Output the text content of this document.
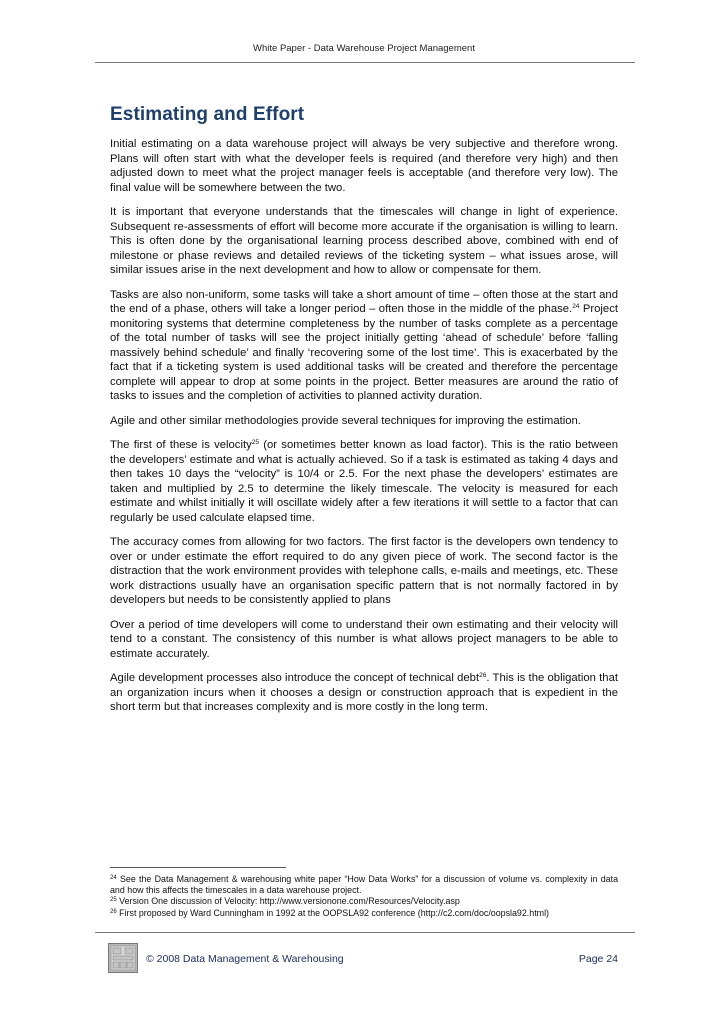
White Paper - Data Warehouse Project Management
Estimating and Effort

Initial estimating on a data warehouse project will always be very subjective and therefore wrong. Plans will often start with what the developer feels is required (and therefore very high) and then adjusted down to meet what the project manager feels is acceptable (and therefore very low). The final value will be somewhere between the two.

It is important that everyone understands that the timescales will change in light of experience. Subsequent re-assessments of effort will become more accurate if the organisation is willing to learn. This is often done by the organisational learning process described above, combined with end of milestone or phase reviews and detailed reviews of the ticketing system – what issues arose, will similar issues arise in the next development and how to allow or compensate for them.

Tasks are also non-uniform, some tasks will take a short amount of time – often those at the start and the end of a phase, others will take a longer period – often those in the middle of the phase.$^{24}$ Project monitoring systems that determine completeness by the number of tasks complete as a percentage of the total number of tasks will see the project initially getting ‘ahead of schedule’ before ‘falling massively behind schedule’ and finally ‘recovering some of the lost time’. This is exacerbated by the fact that if a ticketing system is used additional tasks will be created and therefore the percentage complete will appear to drop at some points in the project. Better measures are around the ratio of tasks to issues and the completion of activities to planned activity duration.

Agile and other similar methodologies provide several techniques for improving the estimation.

The first of these is velocity$^{25}$ (or sometimes better known as load factor). This is the ratio between the developers’ estimate and what is actually achieved. So if a task is estimated as taking 4 days and then takes 10 days the “velocity” is 10/4 or 2.5. For the next phase the developers’ estimates are taken and multiplied by 2.5 to determine the likely timescale. The velocity is measured for each estimate and whilst initially it will oscillate widely after a few iterations it will settle to a factor that can regularly be used calculate elapsed time.

The accuracy comes from allowing for two factors. The first factor is the developers own tendency to over or under estimate the effort required to do any given piece of work. The second factor is the distraction that the work environment provides with telephone calls, e-mails and meetings, etc. These work distractions usually have an organisation specific pattern that is not normally factored in by developers but needs to be consistently applied to plans

Over a period of time developers will come to understand their own estimating and their velocity will tend to a constant. The consistency of this number is what allows project managers to be able to estimate accurately.

Agile development processes also introduce the concept of technical debt$^{26}$. This is the obligation that an organization incurs when it chooses a design or construction approach that is expedient in the short term but that increases complexity and is more costly in the long term.

$^{24}$ See the Data Management & warehousing white paper “How Data Works” for a discussion of volume vs. complexity in data and how this affects the timescales in a data warehouse project.

$^{25}$ Version One discussion of Velocity: http://www.versionone.com/Resources/Velocity.asp

$^{26}$ First proposed by Ward Cunningham in 1992 at the OOPSLA92 conference (http://c2.com/doc/oopsla92.html)

© 2008 Data Management & Warehousing	Page 24
